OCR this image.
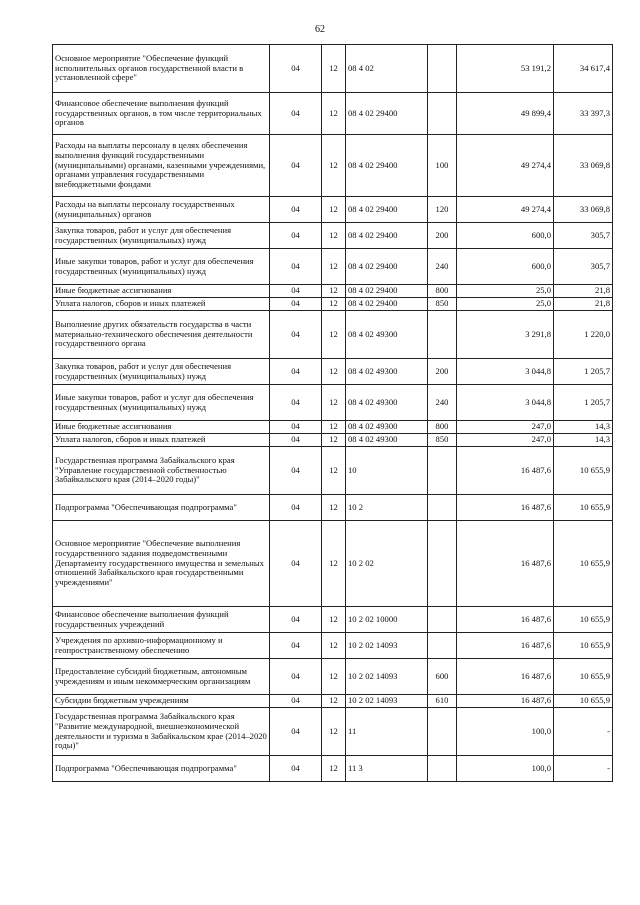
62
Основное мероприятие "Обеспечение функций исполнительных органов государственной власти в установленной сфере"	04	12	08 4 02		53 191,2	34 617,4
Финансовое обеспечение выполнения функций государственных органов, в том числе территориальных органов	04	12	08 4 02 29400		49 899,4	33 397,3
Расходы на выплаты персоналу в целях обеспечения выполнения функций государственными (муниципальными) органами, казенными учреждениями, органами управления государственными внебюджетными фондами	04	12	08 4 02 29400	100	49 274,4	33 069,8
Расходы на выплаты персоналу государственных (муниципальных) органов	04	12	08 4 02 29400	120	49 274,4	33 069,8
Закупка товаров, работ и услуг для обеспечения государственных (муниципальных) нужд	04	12	08 4 02 29400	200	600,0	305,7
Иные закупки товаров, работ и услуг для обеспечения государственных (муниципальных) нужд	04	12	08 4 02 29400	240	600,0	305,7
Иные бюджетные ассигнования	04	12	08 4 02 29400	800	25,0	21,8
Уплата налогов, сборов и иных платежей	04	12	08 4 02 29400	850	25,0	21,8
Выполнение других обязательств государства в части материально-технического обеспечения деятельности государственного органа	04	12	08 4 02 49300		3 291,8	1 220,0
Закупка товаров, работ и услуг для обеспечения государственных (муниципальных) нужд	04	12	08 4 02 49300	200	3 044,8	1 205,7
Иные закупки товаров, работ и услуг для обеспечения государственных (муниципальных) нужд	04	12	08 4 02 49300	240	3 044,8	1 205,7
Иные бюджетные ассигнования	04	12	08 4 02 49300	800	247,0	14,3
Уплата налогов, сборов и иных платежей	04	12	08 4 02 49300	850	247,0	14,3
Государственная программа Забайкальского края "Управление государственной собственностью Забайкальского края (2014–2020 годы)"	04	12	10		16 487,6	10 655,9
Подпрограмма "Обеспечивающая подпрограмма"	04	12	10 2		16 487,6	10 655,9
Основное мероприятие "Обеспечение выполнения государственного задания подведомственными Департаменту государственного имущества и земельных отношений Забайкальского края государственными учреждениями"	04	12	10 2 02		16 487,6	10 655,9
Финансовое обеспечение выполнения функций государственных учреждений	04	12	10 2 02 10000		16 487,6	10 655,9
Учреждения по архивно-информационному и геопространственному обеспечению	04	12	10 2 02 14093		16 487,6	10 655,9
Предоставление субсидий бюджетным, автономным учреждениям и иным некоммерческим организациям	04	12	10 2 02 14093	600	16 487,6	10 655,9
Субсидии бюджетным учреждениям	04	12	10 2 02 14093	610	16 487,6	10 655,9
Государственная программа Забайкальского края "Развитие международной, внешнеэкономической деятельности и туризма в Забайкальском крае (2014–2020 годы)"	04	12	11		100,0	-
Подпрограмма "Обеспечивающая подпрограмма"	04	12	11 3		100,0	-
